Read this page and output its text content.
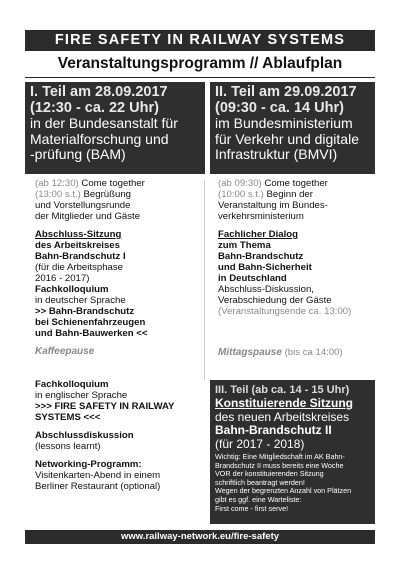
FIRE SAFETY IN RAILWAY SYSTEMS
Veranstaltungsprogramm // Ablaufplan
I. Teil am 28.09.2017
(12:30 - ca. 22 Uhr)
in der Bundesanstalt für
Materialforschung und
-prüfung (BAM)
(ab 12:30) Come together
(13:00 s.t.) Begrüßung
und Vorstellungsrunde
der Mitglieder und Gäste
Abschluss-Sitzung
des Arbeitskreises
Bahn-Brandschutz I
(für die Arbeitsphase
2016 - 2017)
Fachkolloquium
in deutscher Sprache
>> Bahn-Brandschutz
bei Schienenfahrzeugen
und Bahn-Bauwerken <<
Kaffeepause
Fachkolloquium
in englischer Sprache
>>> FIRE SAFETY IN RAILWAY
SYSTEMS <<<
Abschlussdiskussion
(lessons learnt)
Networking-Programm:
Visitenkarten-Abend in einem
Berliner Restaurant (optional)
II. Teil am 29.09.2017
(09:30 - ca. 14 Uhr)
im Bundesministerium
für Verkehr und digitale
Infrastruktur (BMVI)
(ab 09:30) Come together
(10:00 s.t.) Beginn der
Veranstaltung im Bundes-
verkehrsministerium
Fachlicher Dialog
zum Thema
Bahn-Brandschutz
und Bahn-Sicherheit
in Deutschland
Abschluss-Diskussion,
Verabschiedung der Gäste
(Veranstaltungsende ca. 13:00)
Mittagspause (bis ca 14:00)
III. Teil (ab ca. 14 - 15 Uhr)
Konstituierende Sitzung
des neuen Arbeitskreises
Bahn-Brandschutz II
(für 2017 - 2018)
Wichtig: Eine Mitgliedschaft im AK Bahn-
Brandschutz II muss bereits eine Woche
VOR der konstituierenden Sitzung
schriftlich beantragt werden!
Wegen der begrenzten Anzahl von Plätzen
gibt es ggf. eine Warteliste:
First come - first serve!
www.railway-network.eu/fire-safety
